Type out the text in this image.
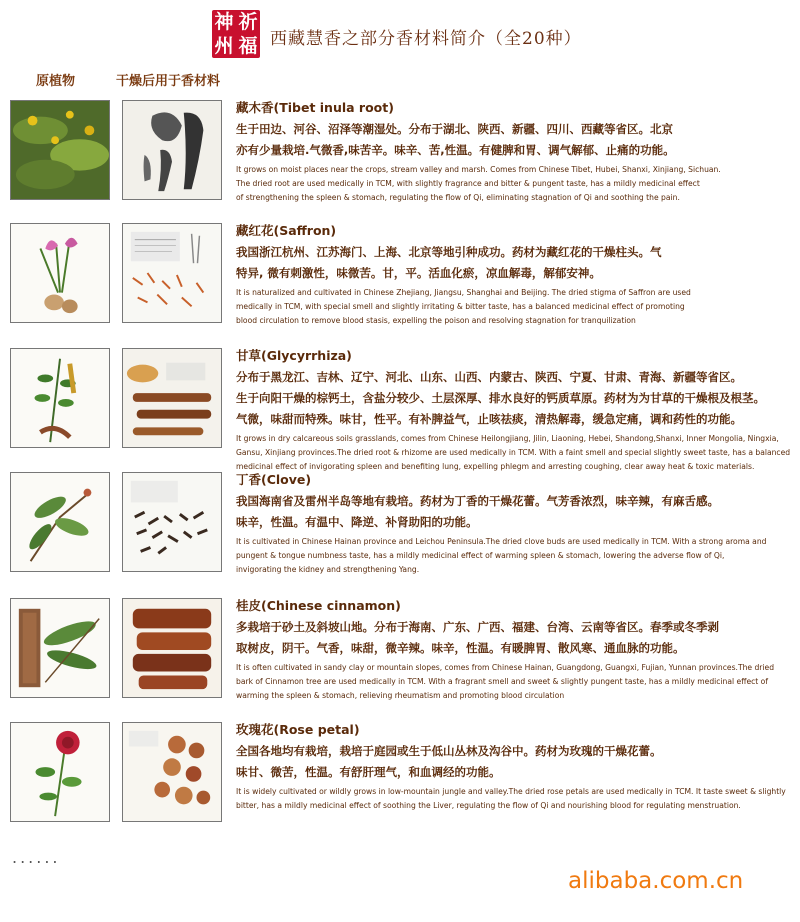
神 祈
州 福 西藏慧香之部分香材料简介（全20种）
原植物	干燥后用于香材料
藏木香(Tibet inula root)
生于田边、河谷、沼泽等潮湿处。分布于湖北、陕西、新疆、四川、西藏等省区。北京
亦有少量栽培.气微香,味苦辛。味辛、苦,性温。有健脾和胃、调气解郁、止痛的功能。
It grows on moist places near the crops, stream valley and marsh. Comes from Chinese Tibet, Hubei, Shanxi, Xinjiang, Sichuan.
The dried root are used medically in TCM, with slightly fragrance and bitter & pungent taste, has a mildly medicinal effect
of strengthening the spleen & stomach, regulating the flow of Qi, eliminating stagnation of Qi and soothing the pain.
藏红花(Saffron)
我国浙江杭州、江苏海门、上海、北京等地引种成功。药材为藏红花的干燥柱头。气
特异, 微有刺激性，味微苦。甘，平。活血化瘀，凉血解毒，解郁安神。
It is naturalized and cultivated in Chinese Zhejiang, Jiangsu, Shanghai and Beijing. The dried stigma of Saffron are used
medically in TCM, with special smell and slightly irritating & bitter taste, has a balanced medicinal effect of promoting
blood circulation to remove blood stasis, expelling the poison and resolving stagnation for tranquilization
甘草(Glycyrrhiza)
分布于黑龙江、吉林、辽宁、河北、山东、山西、内蒙古、陕西、宁夏、甘肃、青海、新疆等省区。
生于向阳干燥的棕钙土，含盐分较少、土层深厚、排水良好的钙质草原。药材为为甘草的干燥根及根茎。
气微，味甜而特殊。味甘，性平。有补脾益气，止咳祛痰，清热解毒，缓急定痛，调和药性的功能。
It grows in dry calcareous soils grasslands, comes from Chinese Heilongjiang, Jilin, Liaoning, Hebei, Shandong,Shanxi, Inner Mongolia, Ningxia,
Gansu, Xinjiang provinces.The dried root & rhizome are used medically in TCM. With a faint smell and special slightly sweet taste, has a balanced
medicinal effect of invigorating spleen and benefiting lung, expelling phlegm and arresting coughing, clear away heat & toxic materials.
丁香(Clove)
我国海南省及雷州半岛等地有栽培。药材为丁香的干燥花蕾。气芳香浓烈，味辛辣，有麻舌感。
味辛，性温。有温中、降逆、补肾助阳的功能。
It is cultivated in Chinese Hainan province and Leichou Peninsula.The dried clove buds are used medically in TCM. With a strong aroma and
pungent & tongue numbness taste, has a mildly medicinal effect of warming spleen & stomach, lowering the adverse flow of Qi,
invigorating the kidney and strengthening Yang.
桂皮(Chinese cinnamon)
多栽培于砂土及斜坡山地。分布于海南、广东、广西、福建、台湾、云南等省区。春季或冬季剥
取树皮，阴干。气香，味甜，微辛辣。味辛，性温。有暖脾胃、散风寒、通血脉的功能。
It is often cultivated in sandy clay or mountain slopes, comes from Chinese Hainan, Guangdong, Guangxi, Fujian, Yunnan provinces.The dried
bark of Cinnamon tree are used medically in TCM. With a fragrant smell and sweet & slightly pungent taste, has a mildly medicinal effect of
warming the spleen & stomach, relieving rheumatism and promoting blood circulation
玫瑰花(Rose petal)
全国各地均有栽培，栽培于庭园或生于低山丛林及沟谷中。药材为玫瑰的干燥花蕾。
味甘、微苦，性温。有舒肝理气，和血调经的功能。
It is widely cultivated or wildly grows in low-mountain jungle and valley.The dried rose petals are used medically in TCM. It taste sweet & slightly
bitter, has a mildly medicinal effect of soothing the Liver, regulating the flow of Qi and nourishing blood for regulating menstruation.
......
alibaba.com.cn
